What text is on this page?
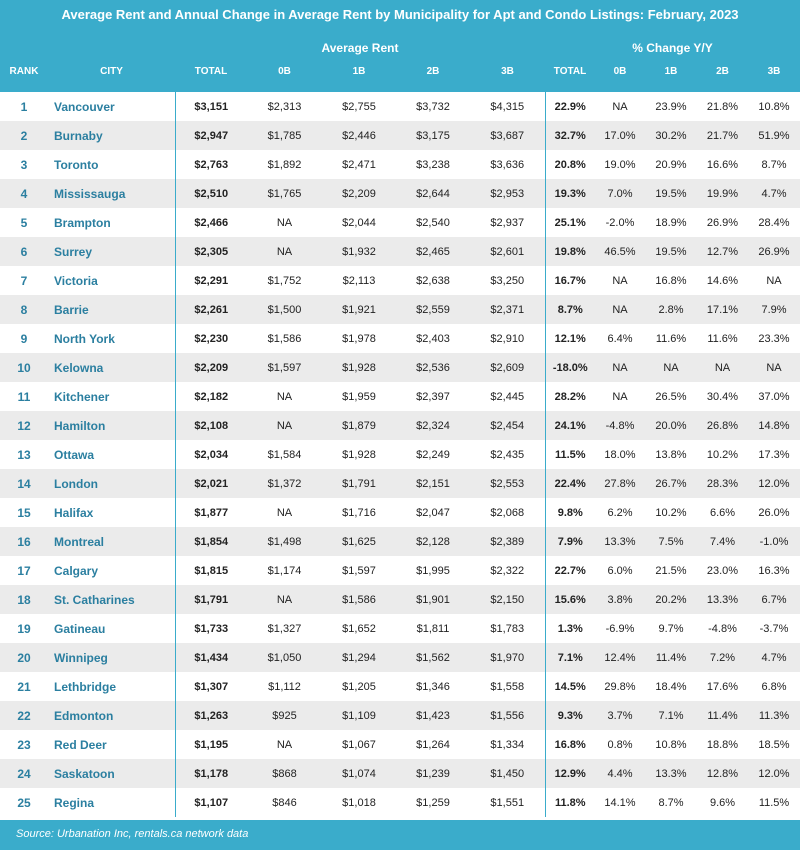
Average Rent and Annual Change in Average Rent by Municipality for Apt and Condo Listings: February, 2023
Average Rent	% Change Y/Y
RANK	CITY	TOTAL	0B	1B	2B	3B	TOTAL	0B	1B	2B	3B
1	Vancouver	$3,151	$2,313	$2,755	$3,732	$4,315	22.9%	NA	23.9%	21.8%	10.8%
2	Burnaby	$2,947	$1,785	$2,446	$3,175	$3,687	32.7%	17.0%	30.2%	21.7%	51.9%
3	Toronto	$2,763	$1,892	$2,471	$3,238	$3,636	20.8%	19.0%	20.9%	16.6%	8.7%
4	Mississauga	$2,510	$1,765	$2,209	$2,644	$2,953	19.3%	7.0%	19.5%	19.9%	4.7%
5	Brampton	$2,466	NA	$2,044	$2,540	$2,937	25.1%	-2.0%	18.9%	26.9%	28.4%
6	Surrey	$2,305	NA	$1,932	$2,465	$2,601	19.8%	46.5%	19.5%	12.7%	26.9%
7	Victoria	$2,291	$1,752	$2,113	$2,638	$3,250	16.7%	NA	16.8%	14.6%	NA
8	Barrie	$2,261	$1,500	$1,921	$2,559	$2,371	8.7%	NA	2.8%	17.1%	7.9%
9	North York	$2,230	$1,586	$1,978	$2,403	$2,910	12.1%	6.4%	11.6%	11.6%	23.3%
10	Kelowna	$2,209	$1,597	$1,928	$2,536	$2,609	-18.0%	NA	NA	NA	NA
11	Kitchener	$2,182	NA	$1,959	$2,397	$2,445	28.2%	NA	26.5%	30.4%	37.0%
12	Hamilton	$2,108	NA	$1,879	$2,324	$2,454	24.1%	-4.8%	20.0%	26.8%	14.8%
13	Ottawa	$2,034	$1,584	$1,928	$2,249	$2,435	11.5%	18.0%	13.8%	10.2%	17.3%
14	London	$2,021	$1,372	$1,791	$2,151	$2,553	22.4%	27.8%	26.7%	28.3%	12.0%
15	Halifax	$1,877	NA	$1,716	$2,047	$2,068	9.8%	6.2%	10.2%	6.6%	26.0%
16	Montreal	$1,854	$1,498	$1,625	$2,128	$2,389	7.9%	13.3%	7.5%	7.4%	-1.0%
17	Calgary	$1,815	$1,174	$1,597	$1,995	$2,322	22.7%	6.0%	21.5%	23.0%	16.3%
18	St. Catharines	$1,791	NA	$1,586	$1,901	$2,150	15.6%	3.8%	20.2%	13.3%	6.7%
19	Gatineau	$1,733	$1,327	$1,652	$1,811	$1,783	1.3%	-6.9%	9.7%	-4.8%	-3.7%
20	Winnipeg	$1,434	$1,050	$1,294	$1,562	$1,970	7.1%	12.4%	11.4%	7.2%	4.7%
21	Lethbridge	$1,307	$1,112	$1,205	$1,346	$1,558	14.5%	29.8%	18.4%	17.6%	6.8%
22	Edmonton	$1,263	$925	$1,109	$1,423	$1,556	9.3%	3.7%	7.1%	11.4%	11.3%
23	Red Deer	$1,195	NA	$1,067	$1,264	$1,334	16.8%	0.8%	10.8%	18.8%	18.5%
24	Saskatoon	$1,178	$868	$1,074	$1,239	$1,450	12.9%	4.4%	13.3%	12.8%	12.0%
25	Regina	$1,107	$846	$1,018	$1,259	$1,551	11.8%	14.1%	8.7%	9.6%	11.5%
Source: Urbanation Inc, rentals.ca network data
